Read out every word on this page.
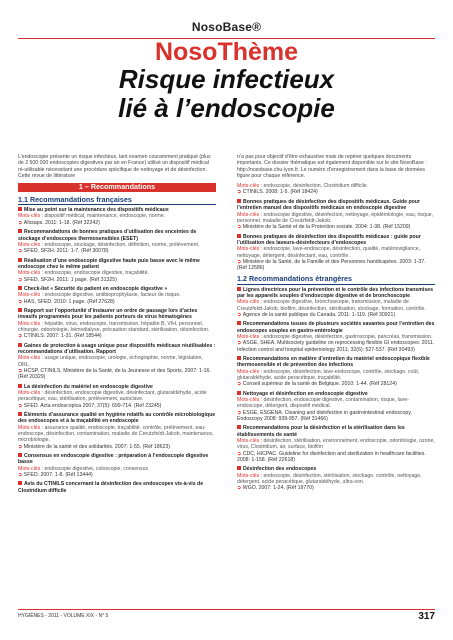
NosoBase®
NosoThème
Risque infectieux
lié à l’endoscopie

L’endoscopie présente un risque infectieux, tant examen couramment pratiqué (plus de 2 500 000 endoscopies digestives par an en France) utilisé un dispositif médical ré-utilisable nécessitant une procédure spécifique de nettoyage et de désinfection. Cette revue de littérature

1 – Recommandations
1.1 Recommandations françaises
Mise au point sur la maintenance des dispositifs médicaux
Mots-clés : dispositif médical, maintenance, endoscopie, norme.
➲ Afssaps. 2011: 1-18. (Réf 32242)
Recommandations de bonnes pratiques d’utilisation des enceintes de stockage d’endoscopes thermosensibles (ESET)
Mots-clés : endoscopie, stockage, désinfection, définition, norme, prélèvement.
➲ SFED, SF2H. 2011: 1-7. (Réf 30078)
Réalisation d’une endoscopie digestive haute puis basse avec le même endoscope chez le même patient
Mots-clés : endoscopie, endoscopie digestive, traçabilité.
➲ SFED, SF2H. 2011: 1 page. (Réf 31325)
Check-list « Sécurité du patient en endoscopie digestive »
Mots-clés : endoscopie digestive, antibioprophylaxie, facteur de risque.
➲ HAS, SFED. 2010: 1 page. (Réf 27628)
Rapport sur l’opportunité d’instaurer un ordre de passage lors d’actes invasifs programmés pour les patients porteurs de virus hématogènes
Mots-clés : hépatite, virus, endoscopie, transmission, hépatite B, VIH, personnel, chirurgie, odontologie, hémodialyse, précaution standard, stérilisation, désinfection.
➲ CTINILS. 2007: 1-31. (Réf 18544)
Gaines de protection à usage unique pour dispositifs médicaux réutilisables : recommandations d’utilisation. Rapport
Mots-clés : usage unique, endoscopie, urologie, échographie, norme, législation, ORL.
➲ HCSP, CTINILS, Ministère de la Santé, de la Jeunesse et des Sports. 2007: 1-16. (Réf 20329)
La désinfection du matériel en endoscopie digestive
Mots-clés : désinfection, endoscopie digestive, désinfectant, glutaraldéhyde, acide peracétique, eau, stérilisation, prélèvement, autoclave.
➲ SFED. Acta endoscopica 2007; 37(5): 699-714. (Réf 23245)
Éléments d’assurance qualité en hygiène relatifs au contrôle microbiologique des endoscopes et à la traçabilité en endoscopie
Mots-clés : assurance qualité, endoscopie, traçabilité, contrôle, prélèvement, eau-endoscope, désinfection, contamination, maladie de Creutzfeldt-Jakob, maintenance, microbiologie.
➲ Ministère de la santé et des solidarités. 2007: 1-55. (Réf 18623)
Consensus en endoscopie digestive : préparation à l’endoscopie digestive basse
Mots-clés : endoscopie digestive, coloscopie, consensus
➲ SFED. 2007: 1-8. (Réf 13444)
Avis du CTINILS concernant la désinfection des endoscopes vis-à-vis de Clostridium difficile

n’a pas pour objectif d’être exhaustive mais de repérer quelques documents importants. Ce dossier thématique est également disponible sur le site NosoBase : http://nosobase.chu-lyon.fr. Le numéro d’enregistrement dans la base de données figure pour chaque référence.

Mots-clés : endoscopie, désinfection, Clostridium difficile.
➲ CTINILS. 2008: 1-5. (Réf 18424)
Bonnes pratiques de désinfection des dispositifs médicaux. Guide pour l’entretien manuel des dispositifs médicaux en endoscopie digestive
Mots-clés : endoscopie digestive, désinfection, nettoyage, épidémiologie, eau, risque, personnel, maladie de Creutzfeldt-Jakob.
➲ Ministère de la Santé et de la Protection sociale. 2004: 1-38. (Réf 15209)
Bonnes pratiques de désinfection des dispositifs médicaux : guide pour l’utilisation des laveurs-désinfecteurs d’endoscopes
Mots-clés : endoscopie, lave-endoscope, désinfection, qualité, matériovigilance, nettoyage, détergent, désinfectant, eau, contrôle.
➲ Ministère de la Santé, de la Famille et des Personnes handicapées. 2003: 1-37. (Réf 12586)
1.2 Recommandations étrangères
Lignes directrices pour la prévention et le contrôle des infections transmises par les appareils souples d’endoscopie digestive et de bronchoscopie
Mots-clés : endoscopie digestive, bronchoscopie, transmission, maladie de Creutzfeldt-Jakob, biofilm, désinfection, stérilisation, stockage, formation, contrôle.
➲ Agence de la santé publique du Canada. 2011: 1-119. (Réf 30921)
Recommandations issues de plusieurs sociétés savantes pour l’entretien des endoscopes souples en gastro-entérologie
Mots-clés : endoscopie digestive, désinfection, gastroscopie, pancréas, transmission.
➲ ASGE, SHEA. Multisociety guideline on reprocessing flexible GI endoscopes: 2011. Infection control and hospital epidemiology 2011; 32(6): 527-537. (Réf 30493)
Recommandations en matière d’entretien du matériel endoscopique flexible thermosensible et de prévention des infections
Mots-clés : endoscopie, désinfection, lave-endoscope, contrôle, stockage, coût, glutaraldéhyde, acide peracétique, traçabilité.
➲ Conseil supérieur de la santé de Belgique. 2010: 1-44. (Réf 28124)
Nettoyage et désinfection en endoscopie digestive
Mots-clés : désinfection, endoscopie digestive, contamination, risque, lave-endoscope, détergent, dispositif médical.
➲ ESGE, ESGENA. Cleaning and disinfection in gastrointestinal endoscopy. Endoscopy 2008: 939-957. (Réf 31466)
Recommandations pour la désinfection et la stérilisation dans les établissements de santé
Mots-clés : désinfection, stérilisation, environnement, endoscopie, odontologie, ozone, virus, Clostridium, air, surface, biofilm
➲ CDC, HICPAC. Guideline for disinfection and sterilization in healthcare facilities. 2008: 1-158. (Réf 22618)
Désinfection des endoscopes
Mots-clés : endoscopie, désinfection, stérilisation, stockage, contrôle, nettoyage, détergent, acide peracétique, glutaraldéhyde, ultra-son.
➲ WGO. 2007: 1-24. (Réf 19770)
HYGIÈNES - 2011 - VOLUME XIX - N° 5	317
